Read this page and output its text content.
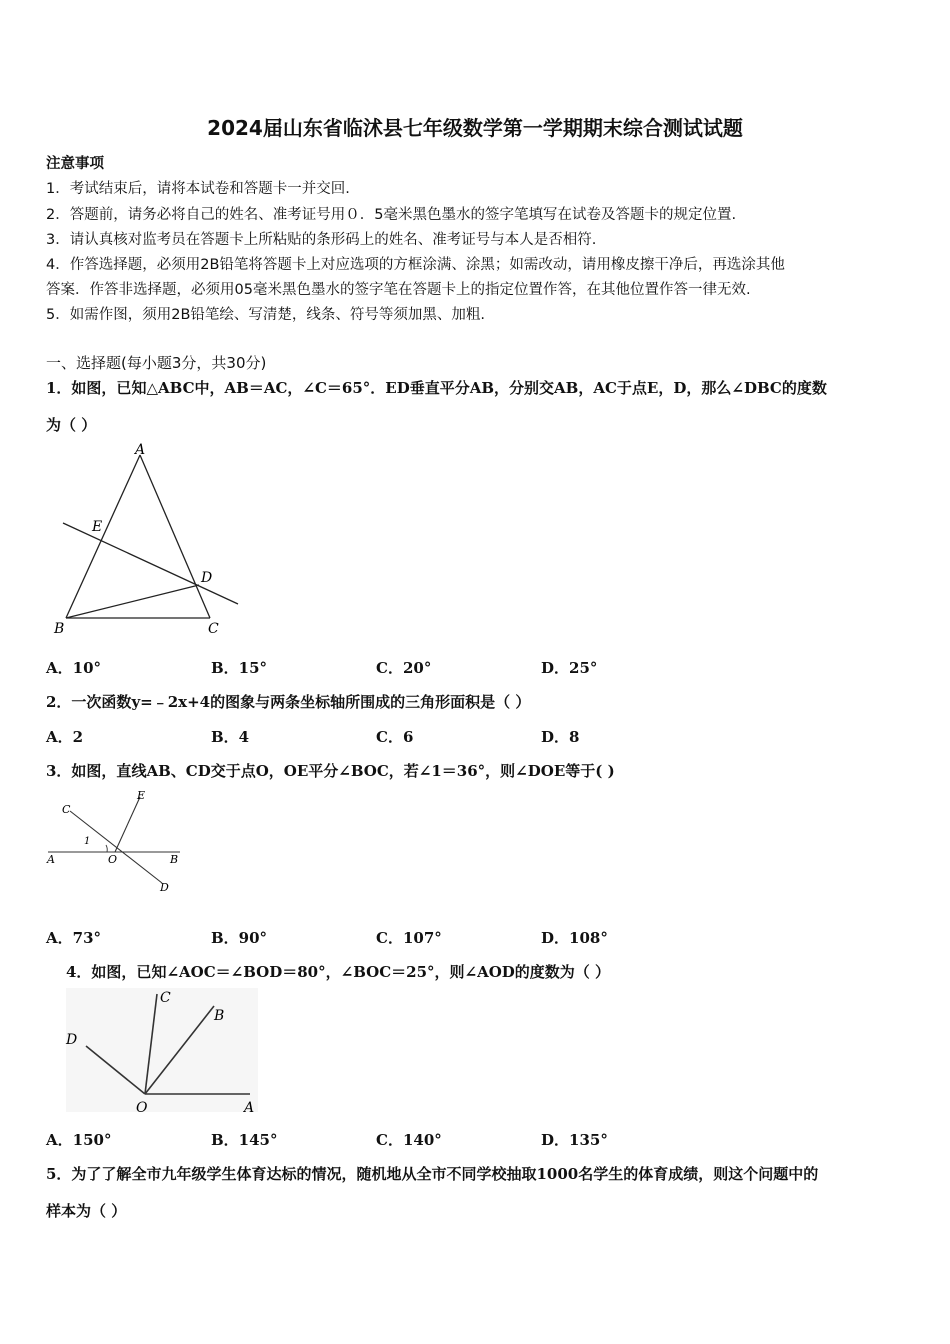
2024届山东省临沭县七年级数学第一学期期末综合测试试题
注意事项
1．考试结束后，请将本试卷和答题卡一并交回.
2．答题前，请务必将自己的姓名、准考证号用０．5毫米黑色墨水的签字笔填写在试卷及答题卡的规定位置.
3．请认真核对监考员在答题卡上所粘贴的条形码上的姓名、准考证号与本人是否相符.
4．作答选择题，必须用2B铅笔将答题卡上对应选项的方框涂满、涂黑；如需改动，请用橡皮擦干净后，再选涂其他
答案．作答非选择题，必须用05毫米黑色墨水的签字笔在答题卡上的指定位置作答，在其他位置作答一律无效.
5．如需作图，须用2B铅笔绘、写清楚，线条、符号等须加黑、加粗.
一、选择题(每小题3分，共30分)
1．如图，已知△ABC中，AB＝AC，∠C＝65°．ED垂直平分AB，分别交AB，AC于点E，D，那么∠DBC的度数
为（ ）
A
E
D
B	C
A．10°	B．15°	C．20°	D．25°
2．一次函数y=﹣2x+4的图象与两条坐标轴所围成的三角形面积是（ ）
A．2	B．4	C．6	D．8
3．如图，直线AB、CD交于点O，OE平分∠BOC，若∠1＝36°，则∠DOE等于( )
C
E
1
A	O	B
D
A．73°	B．90°	C．107°	D．108°
4．如图，已知∠AOC＝∠BOD＝80°，∠BOC＝25°，则∠AOD的度数为（ ）
C
B
D
O	A
A．150°	B．145°	C．140°	D．135°
5．为了了解全市九年级学生体育达标的情况，随机地从全市不同学校抽取1000名学生的体育成绩，则这个问题中的
样本为（ ）
